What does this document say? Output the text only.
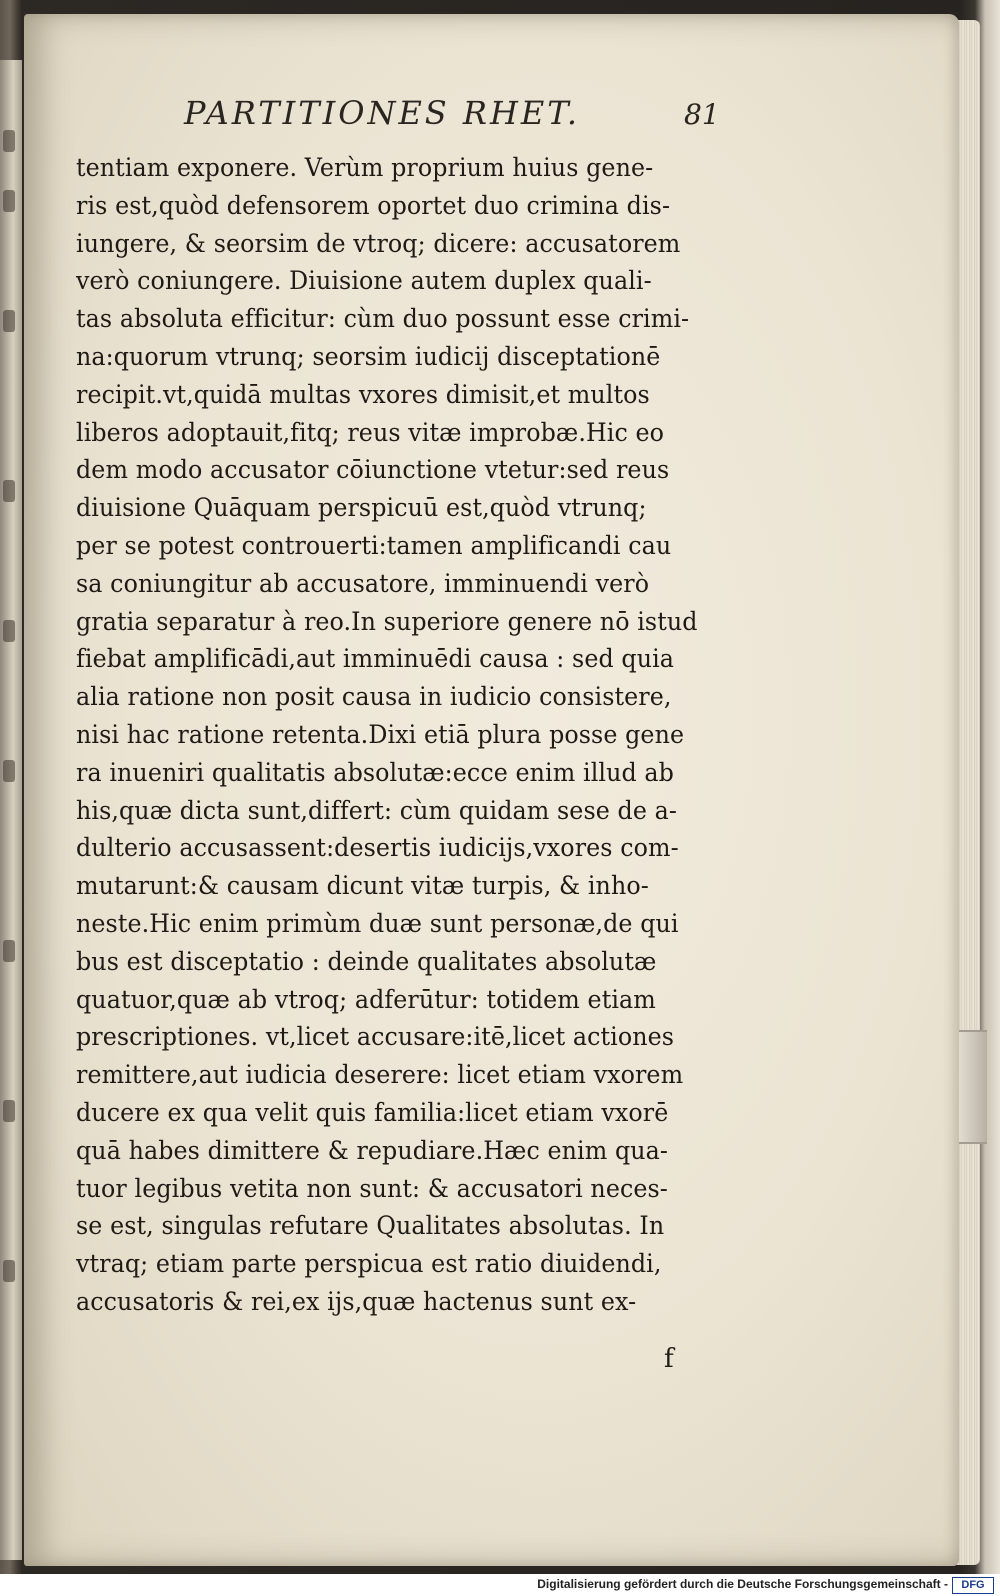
PARTITIONES RHET.	81
tentiam exponere. Verùm proprium huius gene-
ris est,quòd defensorem oportet duo crimina dis-
iungere, & seorsim de vtroq; dicere: accusatorem
verò coniungere. Diuisione autem duplex quali-
tas absoluta efficitur: cùm duo possunt esse crimi-
na:quorum vtrunq; seorsim iudicij disceptationē
recipit.vt,quidā multas vxores dimisit,et multos
liberos adoptauit,fitq; reus vitæ improbæ.Hic eo
dem modo accusator cōiunctione vtetur:sed reus
diuisione Quāquam perspicuū est,quòd vtrunq;
per se potest controuerti:tamen amplificandi cau
sa coniungitur ab accusatore, imminuendi verò
gratia separatur à reo.In superiore genere nō istud
fiebat amplificādi,aut imminuēdi causa : sed quia
alia ratione non posit causa in iudicio consistere,
nisi hac ratione retenta.Dixi etiā plura posse gene
ra inueniri qualitatis absolutæ:ecce enim illud ab
his,quæ dicta sunt,differt: cùm quidam sese de a-
dulterio accusassent:desertis iudicijs,vxores com-
mutarunt:& causam dicunt vitæ turpis, & inho-
neste.Hic enim primùm duæ sunt personæ,de qui
bus est disceptatio : deinde qualitates absolutæ
quatuor,quæ ab vtroq; adferūtur: totidem etiam
prescriptiones. vt,licet accusare:itē,licet actiones
remittere,aut iudicia deserere: licet etiam vxorem
ducere ex qua velit quis familia:licet etiam vxorē
quā habes dimittere & repudiare.Hæc enim qua-
tuor legibus vetita non sunt: & accusatori neces-
se est, singulas refutare Qualitates absolutas. In
vtraq; etiam parte perspicua est ratio diuidendi,
accusatoris & rei,ex ijs,quæ hactenus sunt ex-
f
Digitalisierung gefördert durch die Deutsche Forschungsgemeinschaft -	DFG
